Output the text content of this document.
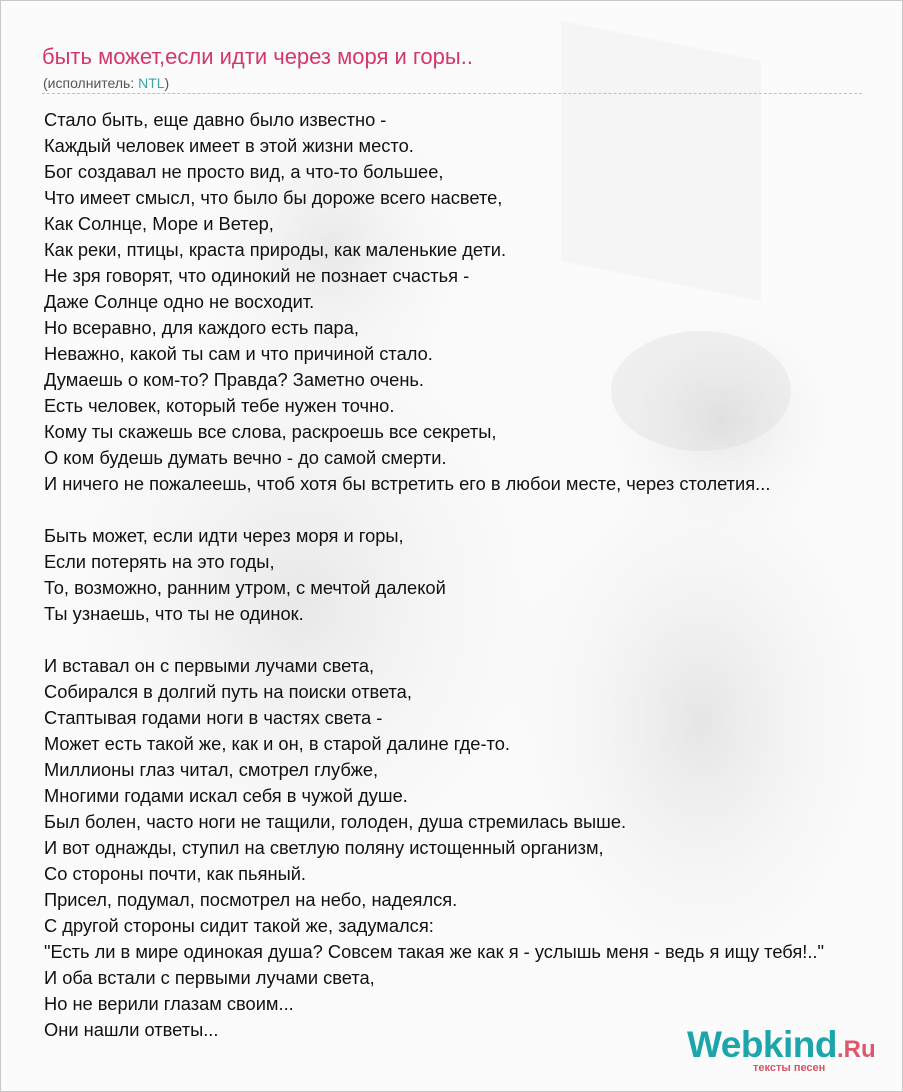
быть может,если идти через моря и горы..
(исполнитель: NTL)
Стало быть, еще давно было известно -
Каждый человек имеет в этой жизни место.
Бог создавал не просто вид, а что-то большее,
Что имеет смысл, что было бы дороже всего насвете,
Как Солнце, Море и Ветер,
Как реки, птицы, краста природы, как маленькие дети.
Не зря говорят, что одинокий не познает счастья -
Даже Солнце одно не восходит.
Но всеравно, для каждого есть пара,
Неважно, какой ты сам и что причиной стало.
Думаешь о ком-то? Правда? Заметно очень.
Есть человек, который тебе нужен точно.
Кому ты скажешь все слова, раскроешь все секреты,
О ком будешь думать вечно - до самой смерти.
И ничего не пожалеешь, чтоб хотя бы встретить его в любои месте, через столетия...
Быть может, если идти через моря и горы,
Если потерять на это годы,
То, возможно, ранним утром, с мечтой далекой
Ты узнаешь, что ты не одинок.
И вставал он с первыми лучами света,
Собирался в долгий путь на поиски ответа,
Стаптывая годами ноги в частях света -
Может есть такой же, как и он, в старой далине где-то.
Миллионы глаз читал, смотрел глубже,
Многими годами искал себя в чужой душе.
Был болен, часто ноги не тащили, голоден, душа стремилась выше.
И вот однажды, ступил на светлую поляну истощенный организм,
Со стороны почти, как пьяный.
Присел, подумал, посмотрел на небо, надеялся.
С другой стороны сидит такой же, задумался:
"Есть ли в мире одинокая душа? Совсем такая же как я - услышь меня - ведь я ищу тебя!.."
И оба встали с первыми лучами света,
Но не верили глазам своим...
Они нашли ответы...	Webkind.Ru
тексты песен
